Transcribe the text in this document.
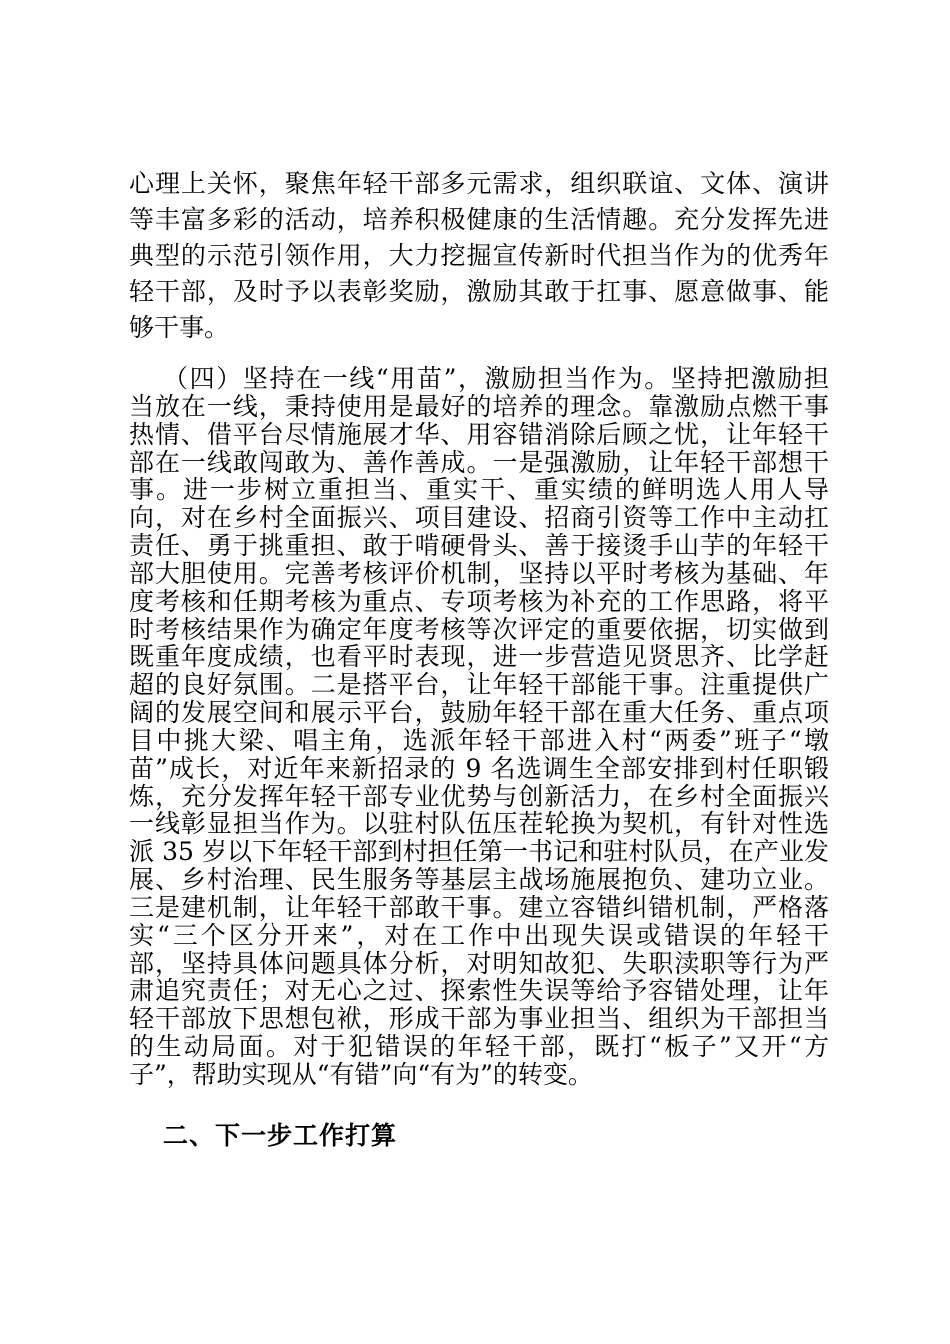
心理上关怀，聚焦年轻干部多元需求，组织联谊、文体、演讲
等丰富多彩的活动，培养积极健康的生活情趣。充分发挥先进
典型的示范引领作用，大力挖掘宣传新时代担当作为的优秀年
轻干部，及时予以表彰奖励，激励其敢于扛事、愿意做事、能
够干事。
（四）坚持在一线“用苗”，激励担当作为。坚持把激励担
当放在一线，秉持使用是最好的培养的理念。靠激励点燃干事
热情、借平台尽情施展才华、用容错消除后顾之忧，让年轻干
部在一线敢闯敢为、善作善成。一是强激励，让年轻干部想干
事。进一步树立重担当、重实干、重实绩的鲜明选人用人导
向，对在乡村全面振兴、项目建设、招商引资等工作中主动扛
责任、勇于挑重担、敢于啃硬骨头、善于接烫手山芋的年轻干
部大胆使用。完善考核评价机制，坚持以平时考核为基础、年
度考核和任期考核为重点、专项考核为补充的工作思路，将平
时考核结果作为确定年度考核等次评定的重要依据，切实做到
既重年度成绩，也看平时表现，进一步营造见贤思齐、比学赶
超的良好氛围。二是搭平台，让年轻干部能干事。注重提供广
阔的发展空间和展示平台，鼓励年轻干部在重大任务、重点项
目中挑大梁、唱主角，选派年轻干部进入村“两委”班子“墩
苗”成长，对近年来新招录的 9 名选调生全部安排到村任职锻
炼，充分发挥年轻干部专业优势与创新活力，在乡村全面振兴
一线彰显担当作为。以驻村队伍压茬轮换为契机，有针对性选
派 35 岁以下年轻干部到村担任第一书记和驻村队员，在产业发
展、乡村治理、民生服务等基层主战场施展抱负、建功立业。
三是建机制，让年轻干部敢干事。建立容错纠错机制，严格落
实“三个区分开来”，对在工作中出现失误或错误的年轻干
部，坚持具体问题具体分析，对明知故犯、失职渎职等行为严
肃追究责任；对无心之过、探索性失误等给予容错处理，让年
轻干部放下思想包袱，形成干部为事业担当、组织为干部担当
的生动局面。对于犯错误的年轻干部，既打“板子”又开“方
子”，帮助实现从“有错”向“有为”的转变。
二、下一步工作打算
